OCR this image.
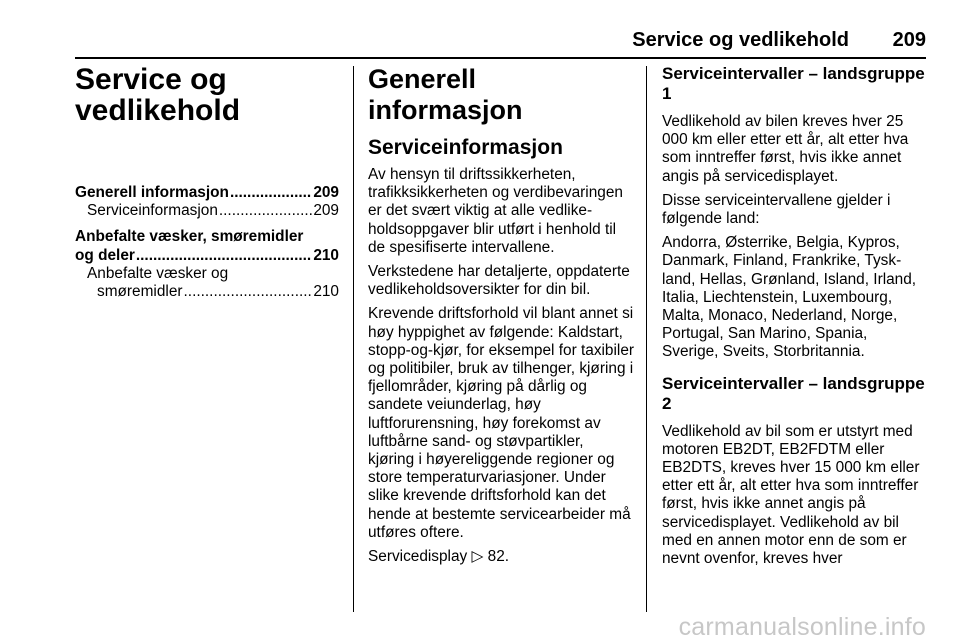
Service og vedlikehold 209
Service og vedlikehold
Generell informasjon .....	209
Serviceinformasjon .....	209
Anbefalte væsker, smøremidler
og deler .....	210
Anbefalte væsker og
smøremidler .....	210
Generell informasjon
Serviceinformasjon

Av hensyn til driftssikkerheten, trafikksikkerheten og verdibevaringen er det svært viktig at alle vedlikeholdsoppgaver blir utført i henhold til de spesifiserte intervallene.

Verkstedene har detaljerte, oppdaterte vedlikeholdsoversikter for din bil.

Krevende driftsforhold vil blant annet si høy hyppighet av følgende: Kaldstart, stopp-og-kjør, for eksempel for taxibiler og politibiler, bruk av tilhenger, kjøring i fjellområder, kjøring på dårlig og sandete veiunderlag, høy luftforurensning, høy forekomst av luftbårne sand- og støvpartikler, kjøring i høyereliggende regioner og store temperaturvariasjoner. Under slike krevende driftsforhold kan det hende at bestemte servicearbeider må utføres oftere.

Servicedisplay ▷ 82.

Serviceintervaller – landsgruppe 1

Vedlikehold av bilen kreves hver 25 000 km eller etter ett år, alt etter hva som inntreffer først, hvis ikke annet angis på servicedisplayet.

Disse serviceintervallene gjelder i følgende land:

Andorra, Østerrike, Belgia, Kypros, Danmark, Finland, Frankrike, Tyskland, Hellas, Grønland, Island, Irland, Italia, Liechtenstein, Luxembourg, Malta, Monaco, Nederland, Norge, Portugal, San Marino, Spania, Sverige, Sveits, Storbritannia.

Serviceintervaller – landsgruppe 2

Vedlikehold av bil som er utstyrt med motoren EB2DT, EB2FDTM eller EB2DTS, kreves hver 15 000 km eller etter ett år, alt etter hva som inntreffer først, hvis ikke annet angis på servicedisplayet. Vedlikehold av bil med en annen motor enn de som er nevnt ovenfor, kreves hver

carmanualsonline.info
